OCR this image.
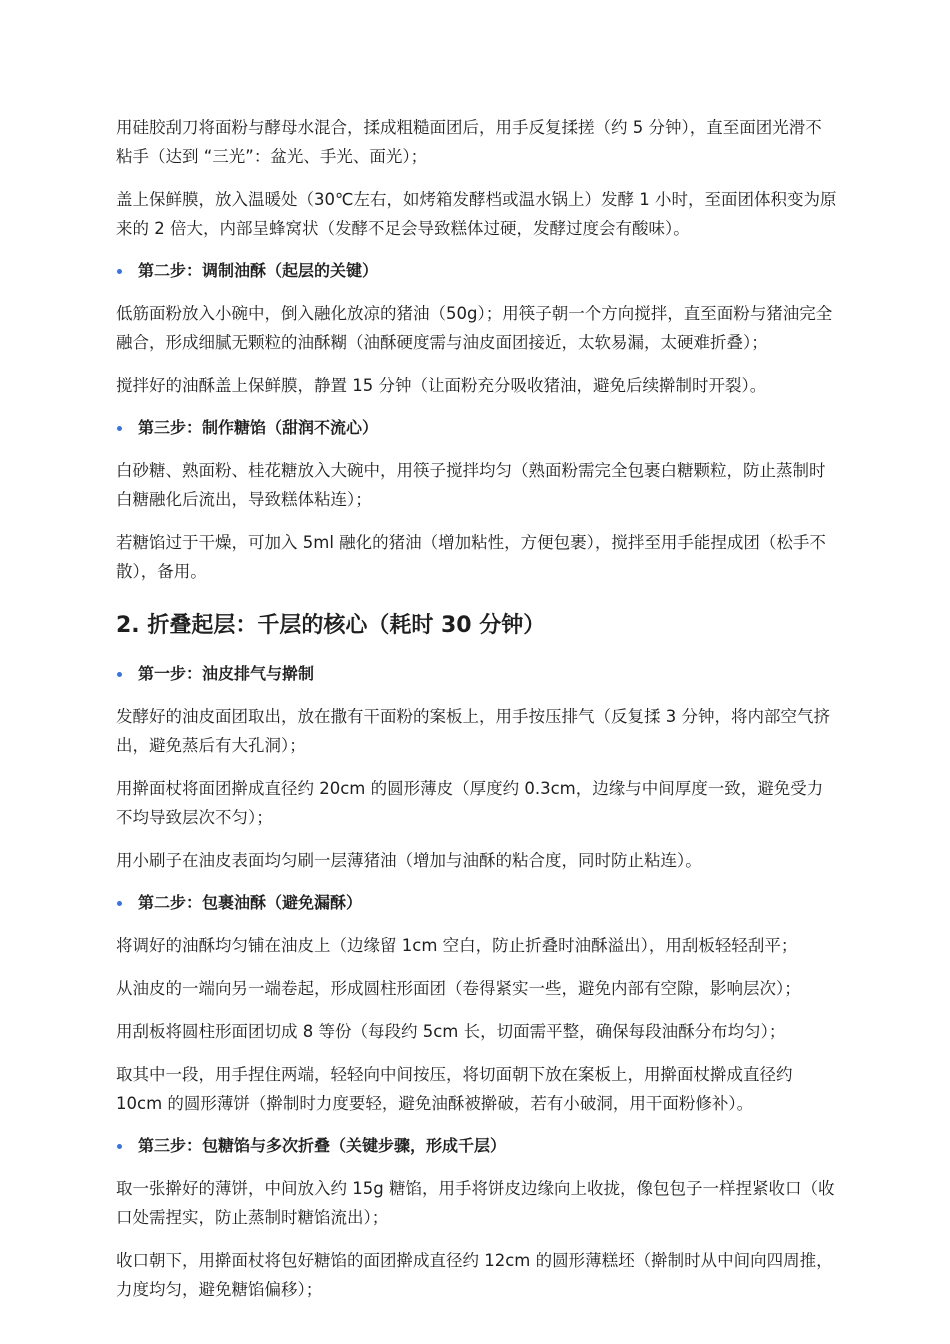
用硅胶刮刀将面粉与酵母水混合，揉成粗糙面团后，用手反复揉搓（约 5 分钟），直至面团光滑不粘手（达到 “三光”：盆光、手光、面光）；

盖上保鲜膜，放入温暖处（30℃左右，如烤箱发酵档或温水锅上）发酵 1 小时，至面团体积变为原来的 2 倍大，内部呈蜂窝状（发酵不足会导致糕体过硬，发酵过度会有酸味）。

第二步：调制油酥（起层的关键）

低筋面粉放入小碗中，倒入融化放凉的猪油（50g）；用筷子朝一个方向搅拌，直至面粉与猪油完全融合，形成细腻无颗粒的油酥糊（油酥硬度需与油皮面团接近，太软易漏，太硬难折叠）；

搅拌好的油酥盖上保鲜膜，静置 15 分钟（让面粉充分吸收猪油，避免后续擀制时开裂）。

第三步：制作糖馅（甜润不流心）

白砂糖、熟面粉、桂花糖放入大碗中，用筷子搅拌均匀（熟面粉需完全包裹白糖颗粒，防止蒸制时白糖融化后流出，导致糕体粘连）；

若糖馅过于干燥，可加入 5ml 融化的猪油（增加粘性，方便包裹），搅拌至用手能捏成团（松手不散），备用。

2. 折叠起层：千层的核心（耗时 30 分钟）
第一步：油皮排气与擀制

发酵好的油皮面团取出，放在撒有干面粉的案板上，用手按压排气（反复揉 3 分钟，将内部空气挤出，避免蒸后有大孔洞）；

用擀面杖将面团擀成直径约 20cm 的圆形薄皮（厚度约 0.3cm，边缘与中间厚度一致，避免受力不均导致层次不匀）；

用小刷子在油皮表面均匀刷一层薄猪油（增加与油酥的粘合度，同时防止粘连）。

第二步：包裹油酥（避免漏酥）

将调好的油酥均匀铺在油皮上（边缘留 1cm 空白，防止折叠时油酥溢出），用刮板轻轻刮平；

从油皮的一端向另一端卷起，形成圆柱形面团（卷得紧实一些，避免内部有空隙，影响层次）；

用刮板将圆柱形面团切成 8 等份（每段约 5cm 长，切面需平整，确保每段油酥分布均匀）；

取其中一段，用手捏住两端，轻轻向中间按压，将切面朝下放在案板上，用擀面杖擀成直径约 10cm 的圆形薄饼（擀制时力度要轻，避免油酥被擀破，若有小破洞，用干面粉修补）。

第三步：包糖馅与多次折叠（关键步骤，形成千层）

取一张擀好的薄饼，中间放入约 15g 糖馅，用手将饼皮边缘向上收拢，像包包子一样捏紧收口（收口处需捏实，防止蒸制时糖馅流出）；

收口朝下，用擀面杖将包好糖馅的面团擀成直径约 12cm 的圆形薄糕坯（擀制时从中间向四周推，力度均匀，避免糖馅偏移）；
